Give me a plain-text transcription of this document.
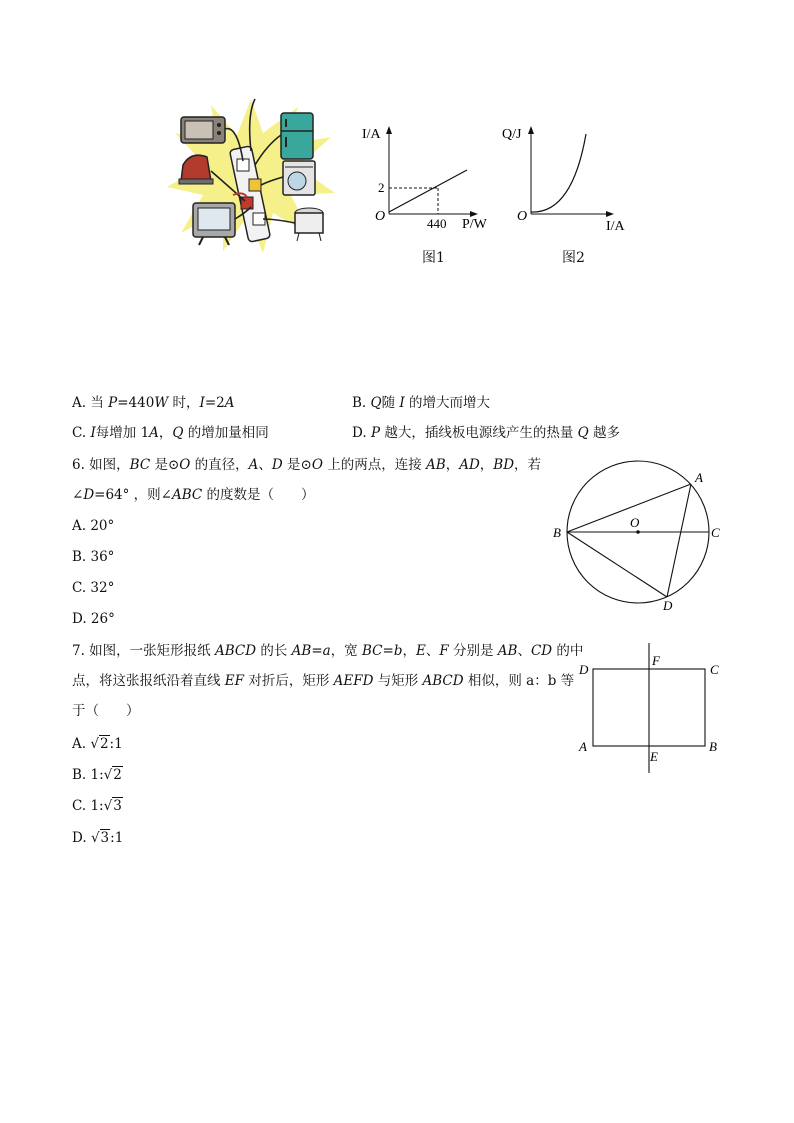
I/A
P/W
O
2
440
图1
Q/J
I/A
O
图2
A. 当 P=440W 时，I=2A	B. Q随 I 的增大而增大
C. I每增加 1A，Q 的增加量相同	D. P 越大，插线板电源线产生的热量 Q 越多
6. 如图，BC 是⊙O 的直径，A、D 是⊙O 上的两点，连接 AB，AD，BD，若
∠D=64° ，则∠ABC 的度数是（　　）
A. 20°
B. 36°
C. 32°
D. 26°
A
B	C
D
O
7. 如图，一张矩形报纸 ABCD 的长 AB=a，宽 BC=b，E、F 分别是 AB、CD 的中
点，将这张报纸沿着直线 EF 对折后，矩形 AEFD 与矩形 ABCD 相似，则 a：b 等
于（　　）
A. √2:1
B. 1:√2
C. 1:√3
D. √3:1
D	C
A	B
F
E
